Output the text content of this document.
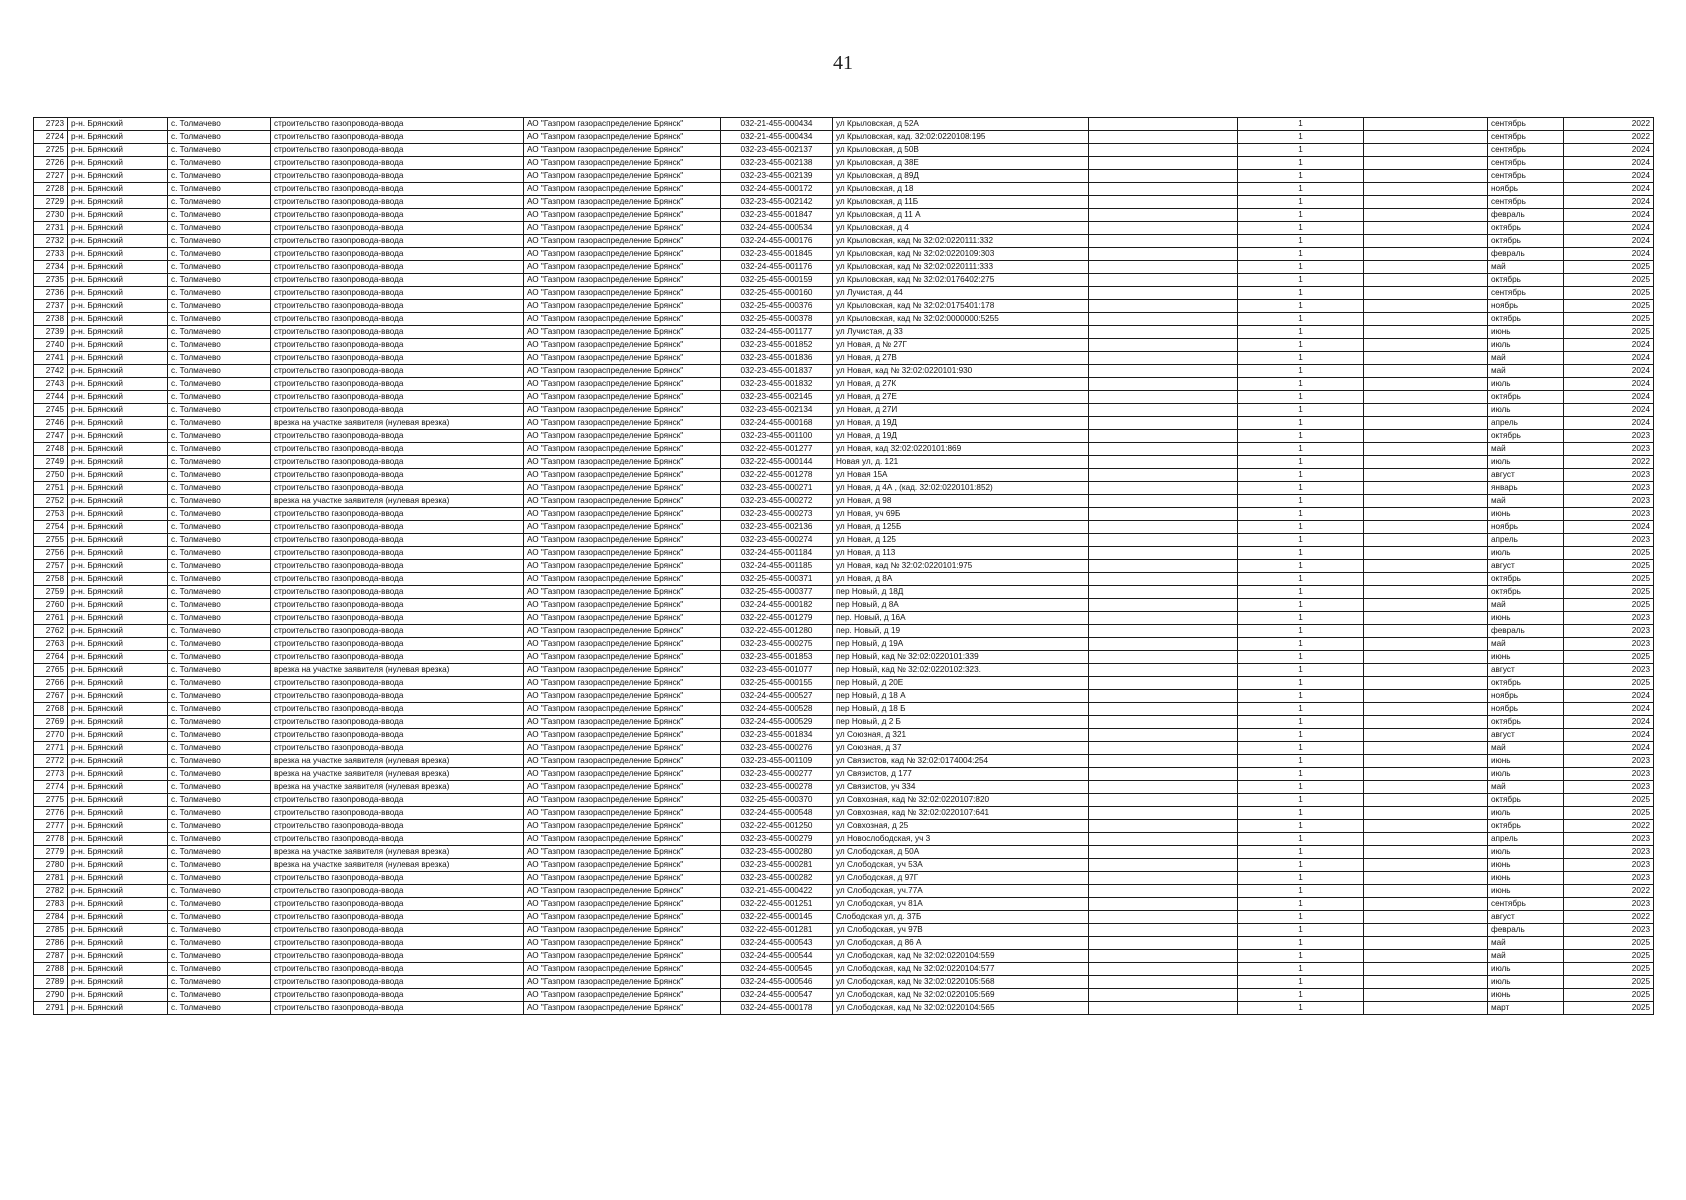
41
2723	р-н. Брянский	с. Толмачево	строительство газопровода-ввода	АО "Газпром газораспределение Брянск"	032-21-455-000434	ул Крыловская, д 52А		1		сентябрь	2022
2724	р-н. Брянский	с. Толмачево	строительство газопровода-ввода	АО "Газпром газораспределение Брянск"	032-21-455-000434	ул Крыловская, кад. 32:02:0220108:195		1		сентябрь	2022
2725	р-н. Брянский	с. Толмачево	строительство газопровода-ввода	АО "Газпром газораспределение Брянск"	032-23-455-002137	ул Крыловская, д 50В		1		сентябрь	2024
2726	р-н. Брянский	с. Толмачево	строительство газопровода-ввода	АО "Газпром газораспределение Брянск"	032-23-455-002138	ул Крыловская, д 38Е		1		сентябрь	2024
2727	р-н. Брянский	с. Толмачево	строительство газопровода-ввода	АО "Газпром газораспределение Брянск"	032-23-455-002139	ул Крыловская, д 89Д		1		сентябрь	2024
2728	р-н. Брянский	с. Толмачево	строительство газопровода-ввода	АО "Газпром газораспределение Брянск"	032-24-455-000172	ул Крыловская, д 18		1		ноябрь	2024
2729	р-н. Брянский	с. Толмачево	строительство газопровода-ввода	АО "Газпром газораспределение Брянск"	032-23-455-002142	ул Крыловская, д 11Б		1		сентябрь	2024
2730	р-н. Брянский	с. Толмачево	строительство газопровода-ввода	АО "Газпром газораспределение Брянск"	032-23-455-001847	ул Крыловская, д 11 А		1		февраль	2024
2731	р-н. Брянский	с. Толмачево	строительство газопровода-ввода	АО "Газпром газораспределение Брянск"	032-24-455-000534	ул Крыловская, д 4		1		октябрь	2024
2732	р-н. Брянский	с. Толмачево	строительство газопровода-ввода	АО "Газпром газораспределение Брянск"	032-24-455-000176	ул Крыловская, кад № 32:02:0220111:332		1		октябрь	2024
2733	р-н. Брянский	с. Толмачево	строительство газопровода-ввода	АО "Газпром газораспределение Брянск"	032-23-455-001845	ул Крыловская, кад № 32:02:0220109:303		1		февраль	2024
2734	р-н. Брянский	с. Толмачево	строительство газопровода-ввода	АО "Газпром газораспределение Брянск"	032-24-455-001176	ул Крыловская, кад № 32:02:0220111:333		1		май	2025
2735	р-н. Брянский	с. Толмачево	строительство газопровода-ввода	АО "Газпром газораспределение Брянск"	032-25-455-000159	ул Крыловская, кад № 32:02:0176402:275		1		октябрь	2025
2736	р-н. Брянский	с. Толмачево	строительство газопровода-ввода	АО "Газпром газораспределение Брянск"	032-25-455-000160	ул Лучистая, д 44		1		сентябрь	2025
2737	р-н. Брянский	с. Толмачево	строительство газопровода-ввода	АО "Газпром газораспределение Брянск"	032-25-455-000376	ул Крыловская, кад № 32:02:0175401:178		1		ноябрь	2025
2738	р-н. Брянский	с. Толмачево	строительство газопровода-ввода	АО "Газпром газораспределение Брянск"	032-25-455-000378	ул Крыловская, кад № 32:02:0000000:5255		1		октябрь	2025
2739	р-н. Брянский	с. Толмачево	строительство газопровода-ввода	АО "Газпром газораспределение Брянск"	032-24-455-001177	ул Лучистая, д 33		1		июнь	2025
2740	р-н. Брянский	с. Толмачево	строительство газопровода-ввода	АО "Газпром газораспределение Брянск"	032-23-455-001852	ул Новая, д № 27Г		1		июль	2024
2741	р-н. Брянский	с. Толмачево	строительство газопровода-ввода	АО "Газпром газораспределение Брянск"	032-23-455-001836	ул Новая, д 27В		1		май	2024
2742	р-н. Брянский	с. Толмачево	строительство газопровода-ввода	АО "Газпром газораспределение Брянск"	032-23-455-001837	ул Новая, кад № 32:02:0220101:930		1		май	2024
2743	р-н. Брянский	с. Толмачево	строительство газопровода-ввода	АО "Газпром газораспределение Брянск"	032-23-455-001832	ул Новая, д 27К		1		июль	2024
2744	р-н. Брянский	с. Толмачево	строительство газопровода-ввода	АО "Газпром газораспределение Брянск"	032-23-455-002145	ул Новая, д 27Е		1		октябрь	2024
2745	р-н. Брянский	с. Толмачево	строительство газопровода-ввода	АО "Газпром газораспределение Брянск"	032-23-455-002134	ул Новая, д 27И		1		июль	2024
2746	р-н. Брянский	с. Толмачево	врезка на участке заявителя (нулевая врезка)	АО "Газпром газораспределение Брянск"	032-24-455-000168	ул Новая, д 19Д		1		апрель	2024
2747	р-н. Брянский	с. Толмачево	строительство газопровода-ввода	АО "Газпром газораспределение Брянск"	032-23-455-001100	ул Новая, д 19Д		1		октябрь	2023
2748	р-н. Брянский	с. Толмачево	строительство газопровода-ввода	АО "Газпром газораспределение Брянск"	032-22-455-001277	ул Новая, кад 32:02:0220101:869		1		май	2023
2749	р-н. Брянский	с. Толмачево	строительство газопровода-ввода	АО "Газпром газораспределение Брянск"	032-22-455-000144	Новая ул, д. 121		1		июль	2022
2750	р-н. Брянский	с. Толмачево	строительство газопровода-ввода	АО "Газпром газораспределение Брянск"	032-22-455-001278	ул Новая 15А		1		август	2023
2751	р-н. Брянский	с. Толмачево	строительство газопровода-ввода	АО "Газпром газораспределение Брянск"	032-23-455-000271	ул Новая, д 4А , (кад. 32:02:0220101:852)		1		январь	2023
2752	р-н. Брянский	с. Толмачево	врезка на участке заявителя (нулевая врезка)	АО "Газпром газораспределение Брянск"	032-23-455-000272	ул Новая, д 98		1		май	2023
2753	р-н. Брянский	с. Толмачево	строительство газопровода-ввода	АО "Газпром газораспределение Брянск"	032-23-455-000273	ул Новая, уч 69Б		1		июнь	2023
2754	р-н. Брянский	с. Толмачево	строительство газопровода-ввода	АО "Газпром газораспределение Брянск"	032-23-455-002136	ул Новая, д 125Б		1		ноябрь	2024
2755	р-н. Брянский	с. Толмачево	строительство газопровода-ввода	АО "Газпром газораспределение Брянск"	032-23-455-000274	ул Новая, д 125		1		апрель	2023
2756	р-н. Брянский	с. Толмачево	строительство газопровода-ввода	АО "Газпром газораспределение Брянск"	032-24-455-001184	ул Новая, д 113		1		июль	2025
2757	р-н. Брянский	с. Толмачево	строительство газопровода-ввода	АО "Газпром газораспределение Брянск"	032-24-455-001185	ул Новая, кад № 32:02:0220101:975		1		август	2025
2758	р-н. Брянский	с. Толмачево	строительство газопровода-ввода	АО "Газпром газораспределение Брянск"	032-25-455-000371	ул Новая, д 8А		1		октябрь	2025
2759	р-н. Брянский	с. Толмачево	строительство газопровода-ввода	АО "Газпром газораспределение Брянск"	032-25-455-000377	пер Новый, д 18Д		1		октябрь	2025
2760	р-н. Брянский	с. Толмачево	строительство газопровода-ввода	АО "Газпром газораспределение Брянск"	032-24-455-000182	пер Новый, д 8А		1		май	2025
2761	р-н. Брянский	с. Толмачево	строительство газопровода-ввода	АО "Газпром газораспределение Брянск"	032-22-455-001279	пер. Новый, д 16А		1		июнь	2023
2762	р-н. Брянский	с. Толмачево	строительство газопровода-ввода	АО "Газпром газораспределение Брянск"	032-22-455-001280	пер. Новый, д 19		1		февраль	2023
2763	р-н. Брянский	с. Толмачево	строительство газопровода-ввода	АО "Газпром газораспределение Брянск"	032-23-455-000275	пер Новый, д 19А		1		май	2023
2764	р-н. Брянский	с. Толмачево	строительство газопровода-ввода	АО "Газпром газораспределение Брянск"	032-23-455-001853	пер Новый, кад № 32:02:0220101:339		1		июнь	2025
2765	р-н. Брянский	с. Толмачево	врезка на участке заявителя (нулевая врезка)	АО "Газпром газораспределение Брянск"	032-23-455-001077	пер Новый, кад № 32:02:0220102:323.		1		август	2023
2766	р-н. Брянский	с. Толмачево	строительство газопровода-ввода	АО "Газпром газораспределение Брянск"	032-25-455-000155	пер Новый, д 20Е		1		октябрь	2025
2767	р-н. Брянский	с. Толмачево	строительство газопровода-ввода	АО "Газпром газораспределение Брянск"	032-24-455-000527	пер Новый, д 18 А		1		ноябрь	2024
2768	р-н. Брянский	с. Толмачево	строительство газопровода-ввода	АО "Газпром газораспределение Брянск"	032-24-455-000528	пер Новый, д 18 Б		1		ноябрь	2024
2769	р-н. Брянский	с. Толмачево	строительство газопровода-ввода	АО "Газпром газораспределение Брянск"	032-24-455-000529	пер Новый, д 2 Б		1		октябрь	2024
2770	р-н. Брянский	с. Толмачево	строительство газопровода-ввода	АО "Газпром газораспределение Брянск"	032-23-455-001834	ул Союзная, д 321		1		август	2024
2771	р-н. Брянский	с. Толмачево	строительство газопровода-ввода	АО "Газпром газораспределение Брянск"	032-23-455-000276	ул Союзная, д 37		1		май	2024
2772	р-н. Брянский	с. Толмачево	врезка на участке заявителя (нулевая врезка)	АО "Газпром газораспределение Брянск"	032-23-455-001109	ул Связистов, кад № 32:02:0174004:254		1		июнь	2023
2773	р-н. Брянский	с. Толмачево	врезка на участке заявителя (нулевая врезка)	АО "Газпром газораспределение Брянск"	032-23-455-000277	ул Связистов, д 177		1		июль	2023
2774	р-н. Брянский	с. Толмачево	врезка на участке заявителя (нулевая врезка)	АО "Газпром газораспределение Брянск"	032-23-455-000278	ул Связистов, уч 334		1		май	2023
2775	р-н. Брянский	с. Толмачево	строительство газопровода-ввода	АО "Газпром газораспределение Брянск"	032-25-455-000370	ул Совхозная, кад № 32:02:0220107:820		1		октябрь	2025
2776	р-н. Брянский	с. Толмачево	строительство газопровода-ввода	АО "Газпром газораспределение Брянск"	032-24-455-000548	ул Совхозная, кад № 32:02:0220107:641		1		июль	2025
2777	р-н. Брянский	с. Толмачево	строительство газопровода-ввода	АО "Газпром газораспределение Брянск"	032-22-455-001250	ул Совхозная, д 25		1		октябрь	2022
2778	р-н. Брянский	с. Толмачево	строительство газопровода-ввода	АО "Газпром газораспределение Брянск"	032-23-455-000279	ул Новослободская, уч 3		1		апрель	2023
2779	р-н. Брянский	с. Толмачево	врезка на участке заявителя (нулевая врезка)	АО "Газпром газораспределение Брянск"	032-23-455-000280	ул Слободская, д 50А		1		июль	2023
2780	р-н. Брянский	с. Толмачево	врезка на участке заявителя (нулевая врезка)	АО "Газпром газораспределение Брянск"	032-23-455-000281	ул Слободская, уч 53А		1		июнь	2023
2781	р-н. Брянский	с. Толмачево	строительство газопровода-ввода	АО "Газпром газораспределение Брянск"	032-23-455-000282	ул Слободская, д 97Г		1		июнь	2023
2782	р-н. Брянский	с. Толмачево	строительство газопровода-ввода	АО "Газпром газораспределение Брянск"	032-21-455-000422	ул Слободская, уч.77А		1		июнь	2022
2783	р-н. Брянский	с. Толмачево	строительство газопровода-ввода	АО "Газпром газораспределение Брянск"	032-22-455-001251	ул Слободская, уч 81А		1		сентябрь	2023
2784	р-н. Брянский	с. Толмачево	строительство газопровода-ввода	АО "Газпром газораспределение Брянск"	032-22-455-000145	Слободская ул, д. 37Б		1		август	2022
2785	р-н. Брянский	с. Толмачево	строительство газопровода-ввода	АО "Газпром газораспределение Брянск"	032-22-455-001281	ул Слободская, уч 97В		1		февраль	2023
2786	р-н. Брянский	с. Толмачево	строительство газопровода-ввода	АО "Газпром газораспределение Брянск"	032-24-455-000543	ул Слободская, д 86 А		1		май	2025
2787	р-н. Брянский	с. Толмачево	строительство газопровода-ввода	АО "Газпром газораспределение Брянск"	032-24-455-000544	ул Слободская, кад № 32:02:0220104:559		1		май	2025
2788	р-н. Брянский	с. Толмачево	строительство газопровода-ввода	АО "Газпром газораспределение Брянск"	032-24-455-000545	ул Слободская, кад № 32:02:0220104:577		1		июль	2025
2789	р-н. Брянский	с. Толмачево	строительство газопровода-ввода	АО "Газпром газораспределение Брянск"	032-24-455-000546	ул Слободская, кад № 32:02:0220105:568		1		июль	2025
2790	р-н. Брянский	с. Толмачево	строительство газопровода-ввода	АО "Газпром газораспределение Брянск"	032-24-455-000547	ул Слободская, кад № 32:02:0220105:569		1		июнь	2025
2791	р-н. Брянский	с. Толмачево	строительство газопровода-ввода	АО "Газпром газораспределение Брянск"	032-24-455-000178	ул Слободская, кад № 32:02:0220104:565		1		март	2025
